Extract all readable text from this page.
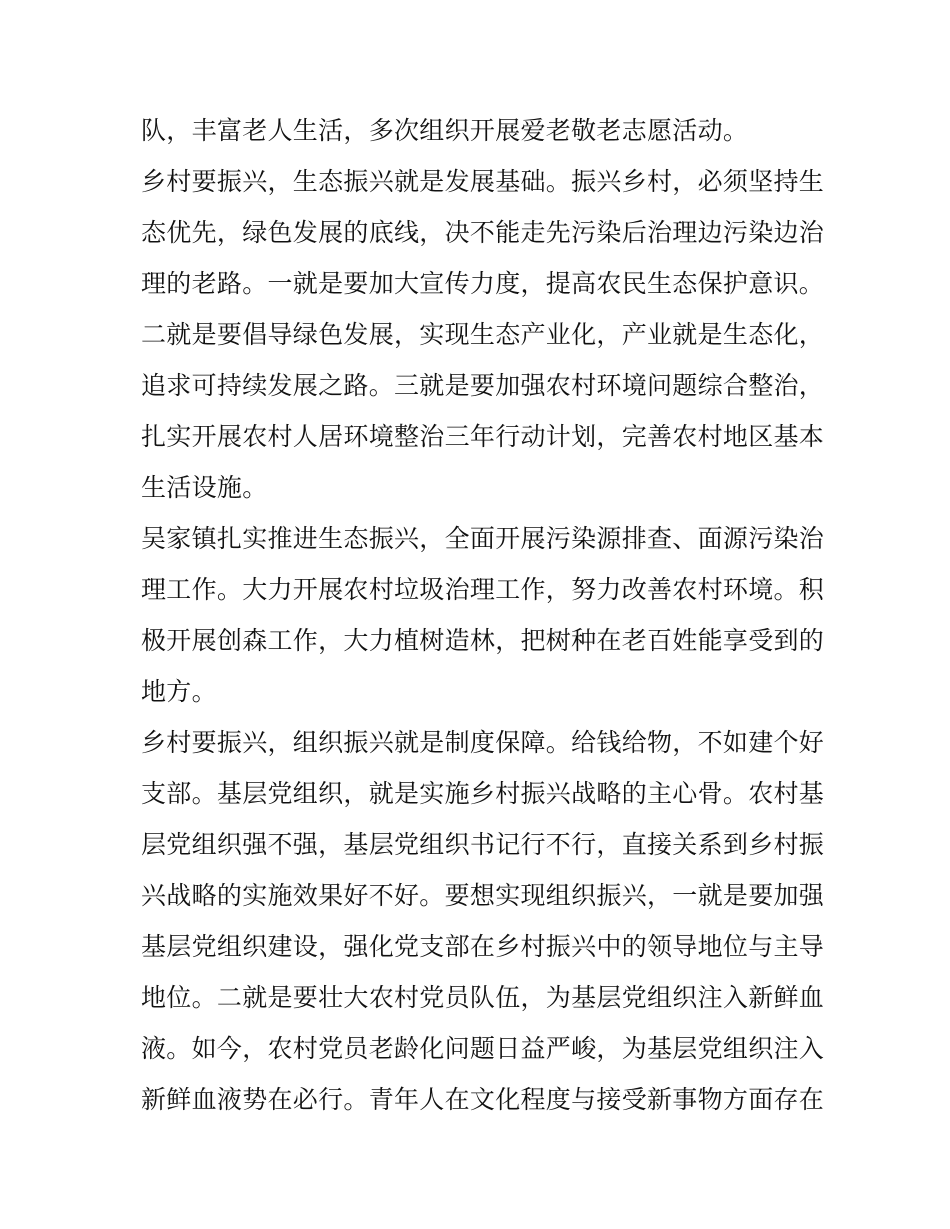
队，丰富老人生活，多次组织开展爱老敬老志愿活动。
乡村要振兴，生态振兴就是发展基础。振兴乡村，必须坚持生
态优先，绿色发展的底线，决不能走先污染后治理边污染边治
理的老路。一就是要加大宣传力度，提高农民生态保护意识。
二就是要倡导绿色发展，实现生态产业化，产业就是生态化，
追求可持续发展之路。三就是要加强农村环境问题综合整治，
扎实开展农村人居环境整治三年行动计划，完善农村地区基本
生活设施。
吴家镇扎实推进生态振兴，全面开展污染源排查、面源污染治
理工作。大力开展农村垃圾治理工作，努力改善农村环境。积
极开展创森工作，大力植树造林，把树种在老百姓能享受到的
地方。
乡村要振兴，组织振兴就是制度保障。给钱给物，不如建个好
支部。基层党组织，就是实施乡村振兴战略的主心骨。农村基
层党组织强不强，基层党组织书记行不行，直接关系到乡村振
兴战略的实施效果好不好。要想实现组织振兴，一就是要加强
基层党组织建设，强化党支部在乡村振兴中的领导地位与主导
地位。二就是要壮大农村党员队伍，为基层党组织注入新鲜血
液。如今，农村党员老龄化问题日益严峻，为基层党组织注入
新鲜血液势在必行。青年人在文化程度与接受新事物方面存在
